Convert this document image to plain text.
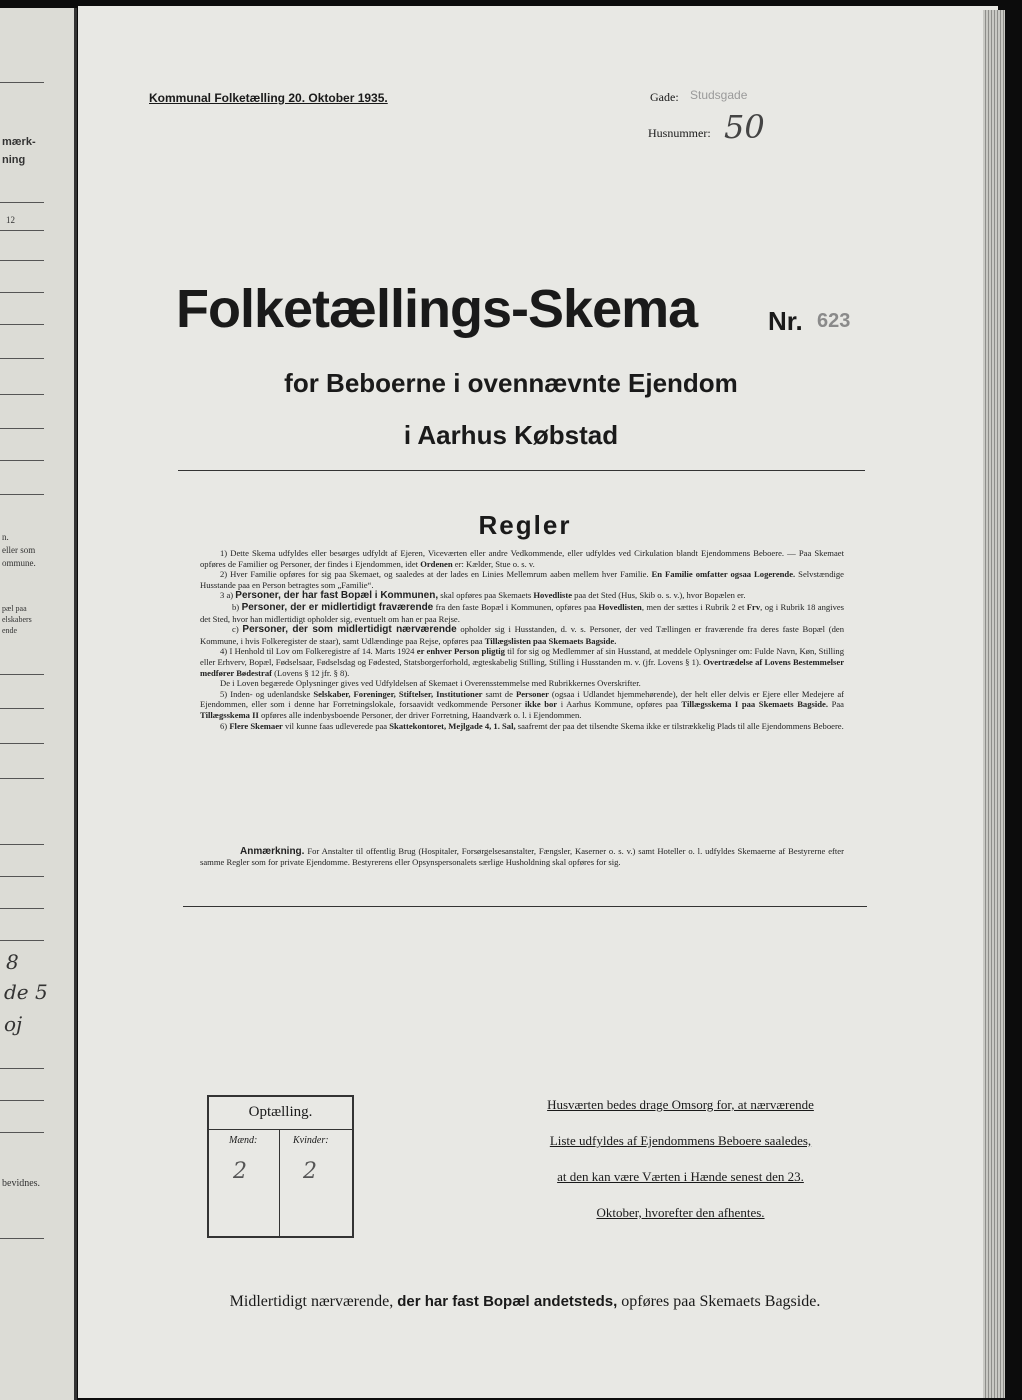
mærk-
ning
12
n.
eller som
ommune.
pæl paa
elskabers
ende
8
de 5
oj
bevidnes.
Kommunal Folketælling 20. Oktober 1935.	Gade: Studsgade
Husnummer: 50
Folketællings-Skema	Nr. 623
for Beboerne i ovennævnte Ejendom
i Aarhus Købstad
Regler

1) Dette Skema udfyldes eller besørges udfyldt af Ejeren, Viceværten eller andre Vedkommende, eller udfyldes ved Cirkulation blandt Ejendommens Beboere. — Paa Skemaet opføres de Familier og Personer, der findes i Ejendommen, idet Ordenen er: Kælder, Stue o. s. v.

2) Hver Familie opføres for sig paa Skemaet, og saaledes at der lades en Linies Mellemrum aaben mellem hver Familie. En Familie omfatter ogsaa Logerende. Selvstændige Husstande paa en Person betragtes som „Familie“.

3 a) Personer, der har fast Bopæl i Kommunen, skal opføres paa Skemaets Hovedliste paa det Sted (Hus, Skib o. s. v.), hvor Bopælen er.

b) Personer, der er midlertidigt fraværende fra den faste Bopæl i Kommunen, opføres paa Hovedlisten, men der sættes i Rubrik 2 et Frv, og i Rubrik 18 angives det Sted, hvor han midlertidigt opholder sig, eventuelt om han er paa Rejse.

c) Personer, der som midlertidigt nærværende opholder sig i Husstanden, d. v. s. Personer, der ved Tællingen er fraværende fra deres faste Bopæl (den Kommune, i hvis Folkeregister de staar), samt Udlændinge paa Rejse, opføres paa Tillægslisten paa Skemaets Bagside.

4) I Henhold til Lov om Folkeregistre af 14. Marts 1924 er enhver Person pligtig til for sig og Medlemmer af sin Husstand, at meddele Oplysninger om: Fulde Navn, Køn, Stilling eller Erhverv, Bopæl, Fødselsaar, Fødselsdag og Fødested, Statsborgerforhold, ægteskabelig Stilling, Stilling i Husstanden m. v. (jfr. Lovens § 1). Overtrædelse af Lovens Bestemmelser medfører Bødestraf (Lovens § 12 jfr. § 8).

De i Loven begærede Oplysninger gives ved Udfyldelsen af Skemaet i Overensstemmelse med Rubrikkernes Overskrifter.

5) Inden- og udenlandske Selskaber, Foreninger, Stiftelser, Institutioner samt de Personer (ogsaa i Udlandet hjemmehørende), der helt eller delvis er Ejere eller Medejere af Ejendommen, eller som i denne har Forretningslokale, forsaavidt vedkommende Personer ikke bor i Aarhus Kommune, opføres paa Tillægsskema I paa Skemaets Bagside. Paa Tillægsskema II opføres alle indenbysboende Personer, der driver Forretning, Haandværk o. l. i Ejendommen.

6) Flere Skemaer vil kunne faas udleverede paa Skattekontoret, Mejlgade 4, 1. Sal, saafremt der paa det tilsendte Skema ikke er tilstrækkelig Plads til alle Ejendommens Beboere.

Anmærkning. For Anstalter til offentlig Brug (Hospitaler, Forsørgelsesanstalter, Fængsler, Kaserner o. s. v.) samt Hoteller o. l. udfyldes Skemaerne af Bestyrerne efter samme Regler som for private Ejendomme. Bestyrerens eller Opsynspersonalets særlige Husholdning skal opføres for sig.
Optælling.
Mænd:	Kvinder:
2	2
Husværten bedes drage Omsorg for, at nærværende
Liste udfyldes af Ejendommens Beboere saaledes,
at den kan være Værten i Hænde senest den 23.
Oktober, hvorefter den afhentes.
Midlertidigt nærværende, der har fast Bopæl andetsteds, opføres paa Skemaets Bagside.
